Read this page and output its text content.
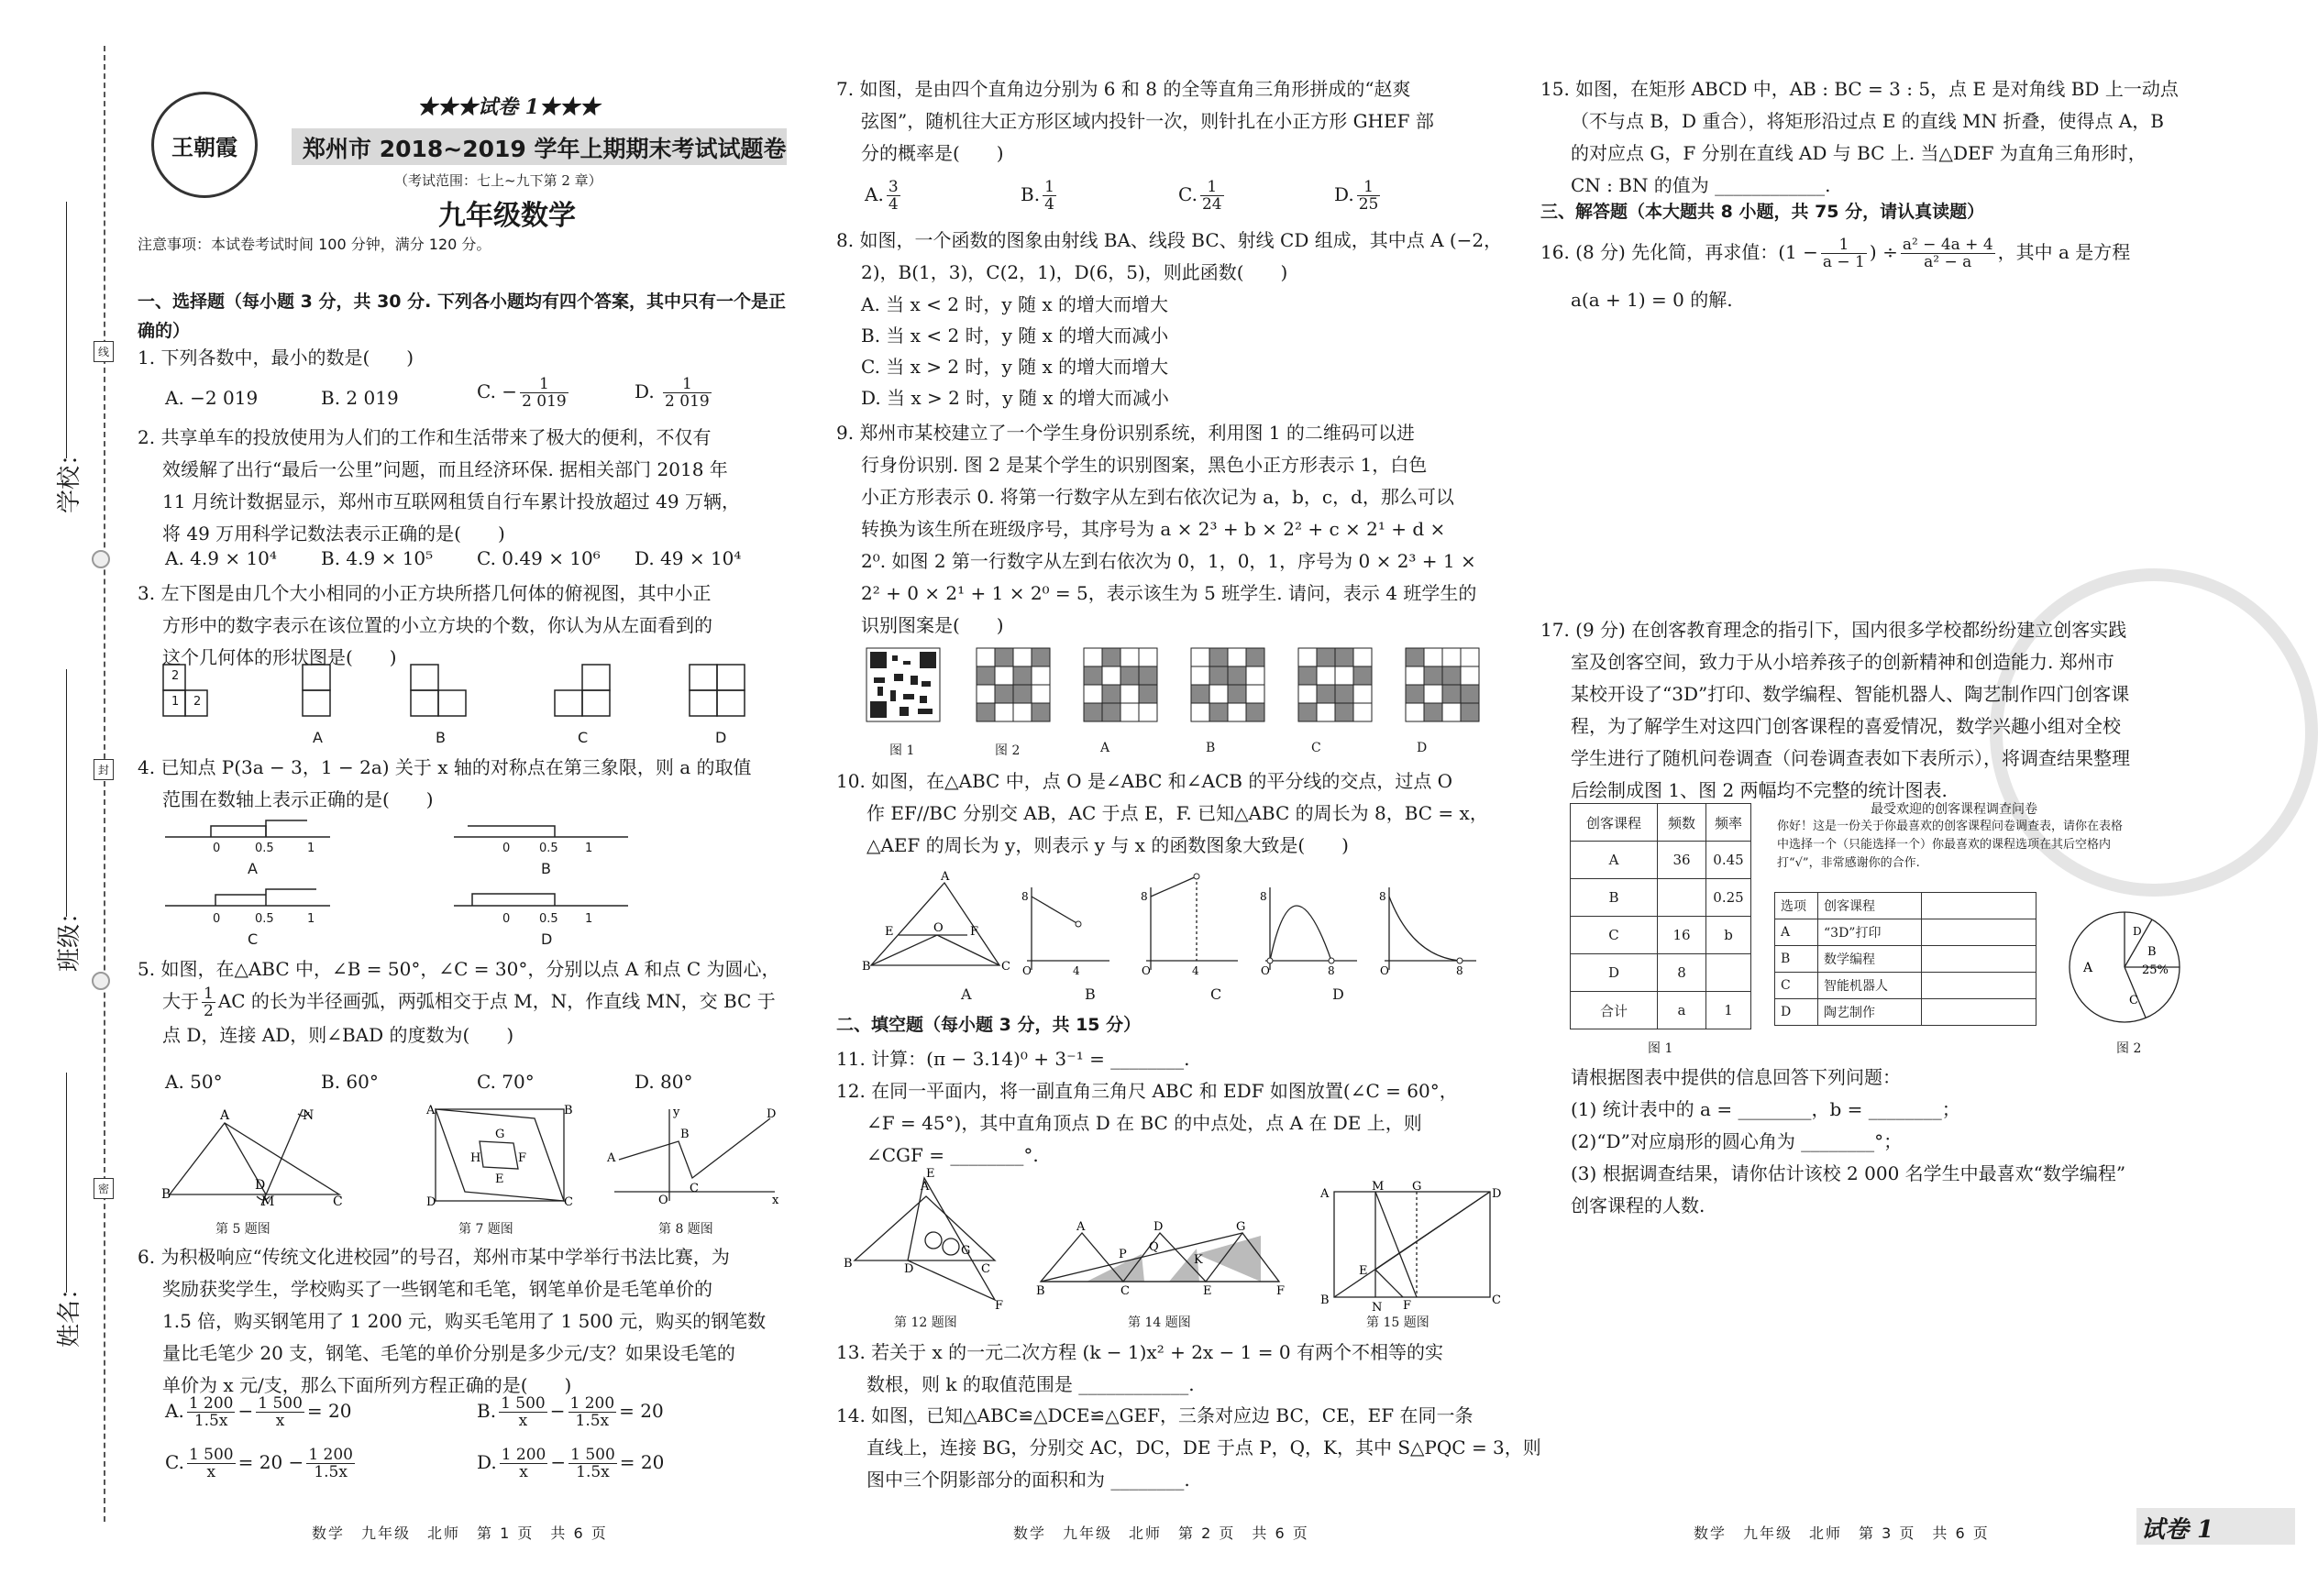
学校：
班级：
姓名：
线
封
密
王朝霞
★★★试卷 1★★★
郑州市 2018~2019 学年上期期末考试试题卷
（考试范围：七上~九下第 2 章）
九年级数学
注意事项：本试卷考试时间 100 分钟，满分 120 分。
一、选择题（每小题 3 分，共 30 分. 下列各小题均有四个答案，其中只有一个是正确的）
1. 下列各数中，最小的数是(　　)
A. −2 019	B. 2 019	C. − $\frac{1}{2 019}$	D. $\frac{1}{2 019}$
2. 共享单车的投放使用为人们的工作和生活带来了极大的便利，不仅有
效缓解了出行“最后一公里”问题，而且经济环保. 据相关部门 2018 年
11 月统计数据显示，郑州市互联网租赁自行车累计投放超过 49 万辆，
将 49 万用科学记数法表示正确的是(　　)
A. 4.9 × 10⁴ B. 4.9 × 10⁵ C. 0.49 × 10⁶ D. 49 × 10⁴
3. 左下图是由几个大小相同的小正方块所搭几何体的俯视图，其中小正
方形中的数字表示在该位置的小立方块的个数，你认为从左面看到的
这个几何体的形状图是(　　)
2
1 2
A	B	C	D
4. 已知点 P(3a − 3，1 − 2a) 关于 x 轴的对称点在第三象限，则 a 的取值
范围在数轴上表示正确的是(　　)
0	0.5	1	0 0.5 1
A	B
0	0.5	1	0 0.5 1
C	D
5. 如图，在△ABC 中，∠B = 50°，∠C = 30°，分别以点 A 和点 C 为圆心，
大于 $\frac{1}{2}$ AC 的长为半径画弧，两弧相交于点 M，N，作直线 MN，交 BC 于
点 D，连接 AD，则∠BAD 的度数为(　　)
A. 50°	B. 60°	C. 70°	D. 80°
A
B	C
D
N
M
A	B
C
D
H	F
G
E
A
B
C
D
y
x
O
第 5 题图	第 7 题图	第 8 题图
6. 为积极响应“传统文化进校园”的号召，郑州市某中学举行书法比赛，为
奖励获奖学生，学校购买了一些钢笔和毛笔，钢笔单价是毛笔单价的
1.5 倍，购买钢笔用了 1 200 元，购买毛笔用了 1 500 元，购买的钢笔数
量比毛笔少 20 支，钢笔、毛笔的单价分别是多少元/支？如果设毛笔的
单价为 x 元/支，那么下面所列方程正确的是(　　)
A. $\frac{1 200}{1.5x} - \frac{1 500}{x} = 20$	B. $\frac{1 500}{x} - \frac{1 200}{1.5x} = 20$
C. $\frac{1 500}{x} = 20 - \frac{1 200}{1.5x}$	D. $\frac{1 200}{x} - \frac{1 500}{1.5x} = 20$
数学　九年级　北师　第 1 页　共 6 页
7. 如图，是由四个直角边分别为 6 和 8 的全等直角三角形拼成的“赵爽
弦图”，随机往大正方形区域内投针一次，则针扎在小正方形 GHEF 部
分的概率是(　　)
A. $\frac{3}{4}$	B. $\frac{1}{4}$	C. $\frac{1}{24}$	D. $\frac{1}{25}$
8. 如图，一个函数的图象由射线 BA、线段 BC、射线 CD 组成，其中点 A (−2，
2)，B(1，3)，C(2，1)，D(6，5)，则此函数(　　)
A. 当 x < 2 时，y 随 x 的增大而增大
B. 当 x < 2 时，y 随 x 的增大而减小
C. 当 x > 2 时，y 随 x 的增大而增大
D. 当 x > 2 时，y 随 x 的增大而减小
9. 郑州市某校建立了一个学生身份识别系统，利用图 1 的二维码可以进
行身份识别. 图 2 是某个学生的识别图案，黑色小正方形表示 1，白色
小正方形表示 0. 将第一行数字从左到右依次记为 a，b，c，d，那么可以
转换为该生所在班级序号，其序号为 a × 2³ + b × 2² + c × 2¹ + d ×
2⁰. 如图 2 第一行数字从左到右依次为 0，1，0，1，序号为 0 × 2³ + 1 ×
2² + 0 × 2¹ + 1 × 2⁰ = 5，表示该生为 5 班学生. 请问，表示 4 班学生的
识别图案是(　　)
图 1	图 2	A	B	C	D
10. 如图，在△ABC 中，点 O 是∠ABC 和∠ACB 的平分线的交点，过点 O
作 EF//BC 分别交 AB，AC 于点 E，F. 已知△ABC 的周长为 8，BC = x，
△AEF 的周长为 y，则表示 y 与 x 的函数图象大致是(　　)
A
B	C
E	F
O
O	4
8
O	4
8
O	8
8
O	8
8
A	B	C	D
二、填空题（每小题 3 分，共 15 分）
11. 计算：(π − 3.14)⁰ + 3⁻¹ = ________.
12. 在同一平面内，将一副直角三角尺 ABC 和 EDF 如图放置(∠C = 60°，
∠F = 45°)，其中直角顶点 D 在 BC 的中点处，点 A 在 DE 上，则
∠CGF = ________°.
B
A
E
G
C
D
F
A	D	G
B	C	E	F
P
Q
K
A
M G
D
B
N F	C
E
第 12 题图	第 14 题图	第 15 题图
13. 若关于 x 的一元二次方程 (k − 1)x² + 2x − 1 = 0 有两个不相等的实
数根，则 k 的取值范围是 ____________.
14. 如图，已知△ABC≌△DCE≌△GEF，三条对应边 BC，CE，EF 在同一条
直线上，连接 BG，分别交 AC，DC，DE 于点 P，Q，K，其中 S△PQC = 3，则
图中三个阴影部分的面积和为 ________.
数学　九年级　北师　第 2 页　共 6 页
15. 如图，在矩形 ABCD 中，AB : BC = 3 : 5，点 E 是对角线 BD 上一动点
（不与点 B，D 重合），将矩形沿过点 E 的直线 MN 折叠，使得点 A，B
的对应点 G，F 分别在直线 AD 与 BC 上. 当△DEF 为直角三角形时，
CN : BN 的值为 ____________.
三、解答题（本大题共 8 小题，共 75 分，请认真读题）
16. (8 分) 先化简，再求值：($1 - \frac{1}{a - 1}$ ) ÷ $\frac{\text{a² − 4a + 4}}{\text{a² − a}}$ ，其中 a 是方程
a(a + 1) = 0 的解.
17. (9 分) 在创客教育理念的指引下，国内很多学校都纷纷建立创客实践
室及创客空间，致力于从小培养孩子的创新精神和创造能力. 郑州市
某校开设了“3D”打印、数学编程、智能机器人、陶艺制作四门创客课
程，为了解学生对这四门创客课程的喜爱情况，数学兴趣小组对全校
学生进行了随机问卷调查（问卷调查表如下表所示），将调查结果整理
后绘制成图 1、图 2 两幅均不完整的统计图表.
创客课程	频数	频率
A	36	0.45
B		0.25
C	16	b
D	8	
合计	a	1
最受欢迎的创客课程调查问卷
你好！这是一份关于你最喜欢的创客课程问卷调查表，请你在表格中选择一个（只能选择一个）你最喜欢的课程选项在其后空格内打“√”，非常感谢你的合作.
选项	创客课程	
A	“3D”打印	
B	数学编程	
C	智能机器人	
D	陶艺制作	
A
D
B
25%
C
图 1	图 2
请根据图表中提供的信息回答下列问题：
(1) 统计表中的 a = ________，b = ________；
(2)“D”对应扇形的圆心角为 ________°；
(3) 根据调查结果，请你估计该校 2 000 名学生中最喜欢“数学编程”
创客课程的人数.
数学　九年级　北师　第 3 页　共 6 页	试卷 1
